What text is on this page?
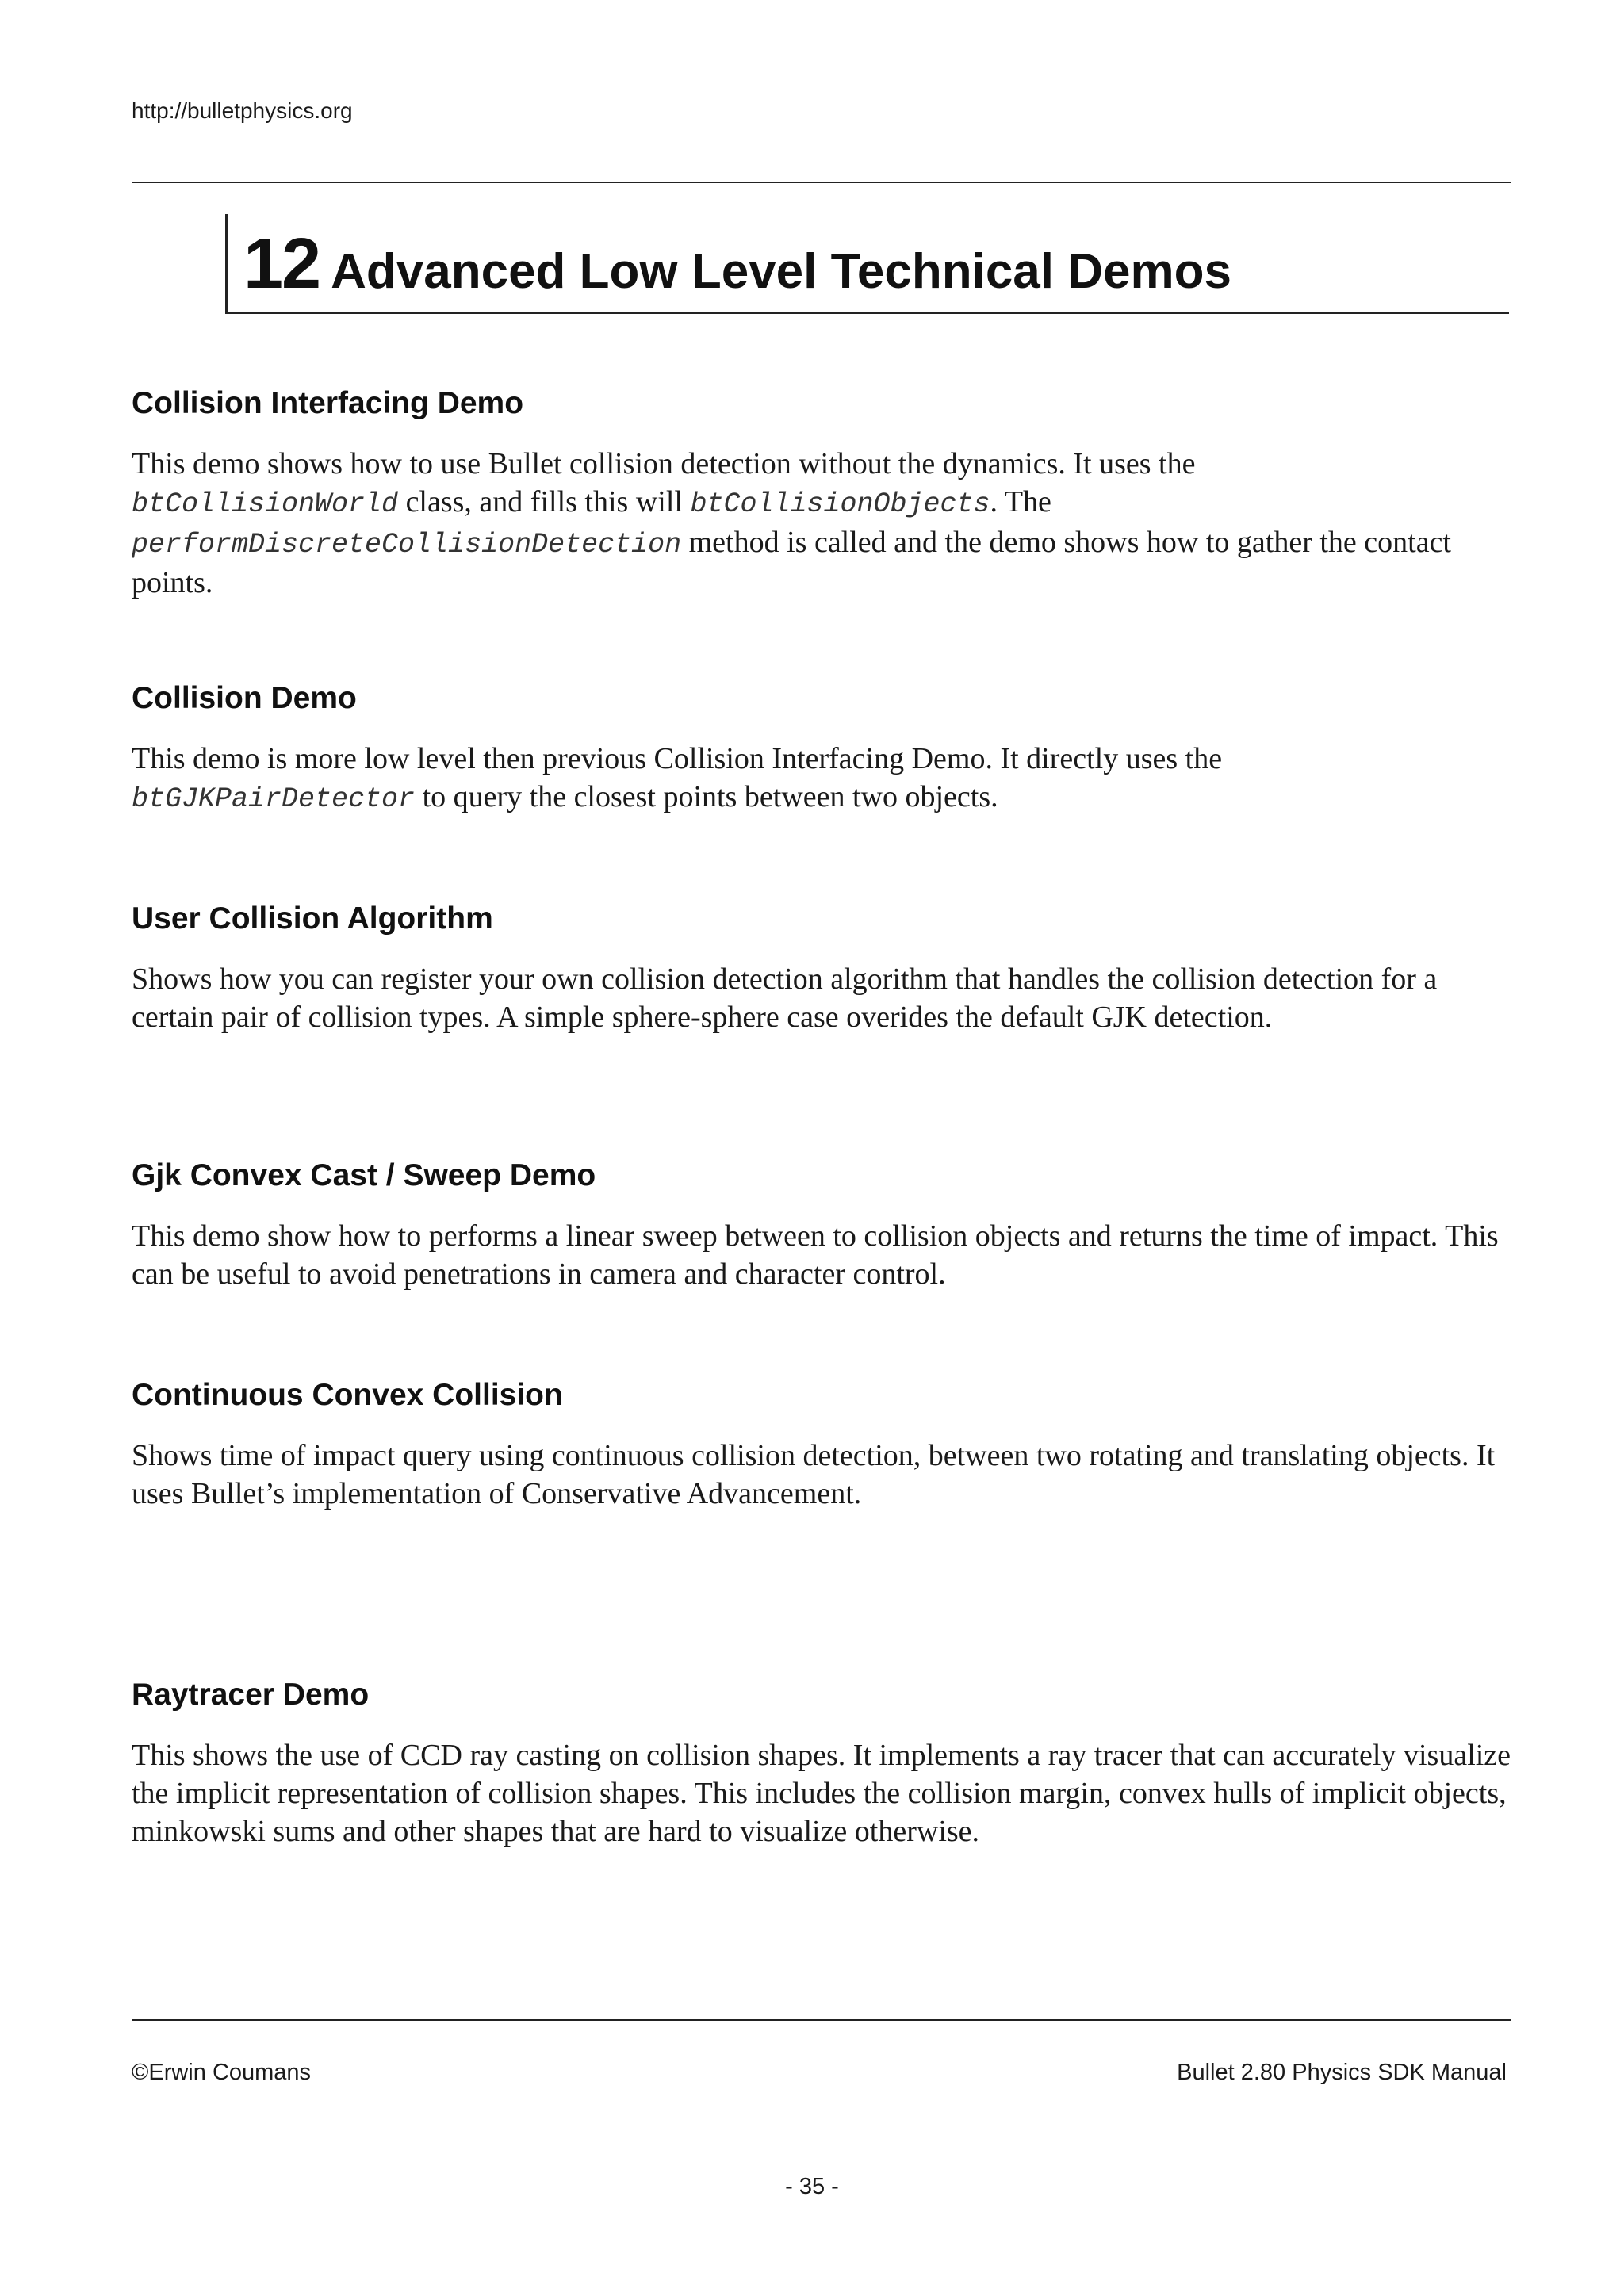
http://bulletphysics.org
12 Advanced Low Level Technical Demos
Collision Interfacing Demo

This demo shows how to use Bullet collision detection without the dynamics. It uses the
btCollisionWorld class, and fills this will btCollisionObjects. The
performDiscreteCollisionDetection method is called and the demo shows how to gather the contact points.

Collision Demo

This demo is more low level then previous Collision Interfacing Demo. It directly uses the
btGJKPairDetector to query the closest points between two objects.

User Collision Algorithm

Shows how you can register your own collision detection algorithm that handles the collision detection for a certain pair of collision types. A simple sphere-sphere case overides the default GJK detection.

Gjk Convex Cast / Sweep Demo

This demo show how to performs a linear sweep between to collision objects and returns the time of impact. This can be useful to avoid penetrations in camera and character control.

Continuous Convex Collision

Shows time of impact query using continuous collision detection, between two rotating and translating objects. It uses Bullet’s implementation of Conservative Advancement.

Raytracer Demo

This shows the use of CCD ray casting on collision shapes. It implements a ray tracer that can accurately visualize the implicit representation of collision shapes. This includes the collision margin, convex hulls of implicit objects, minkowski sums and other shapes that are hard to visualize otherwise.

©Erwin Coumans	Bullet 2.80 Physics SDK Manual
- 35 -
